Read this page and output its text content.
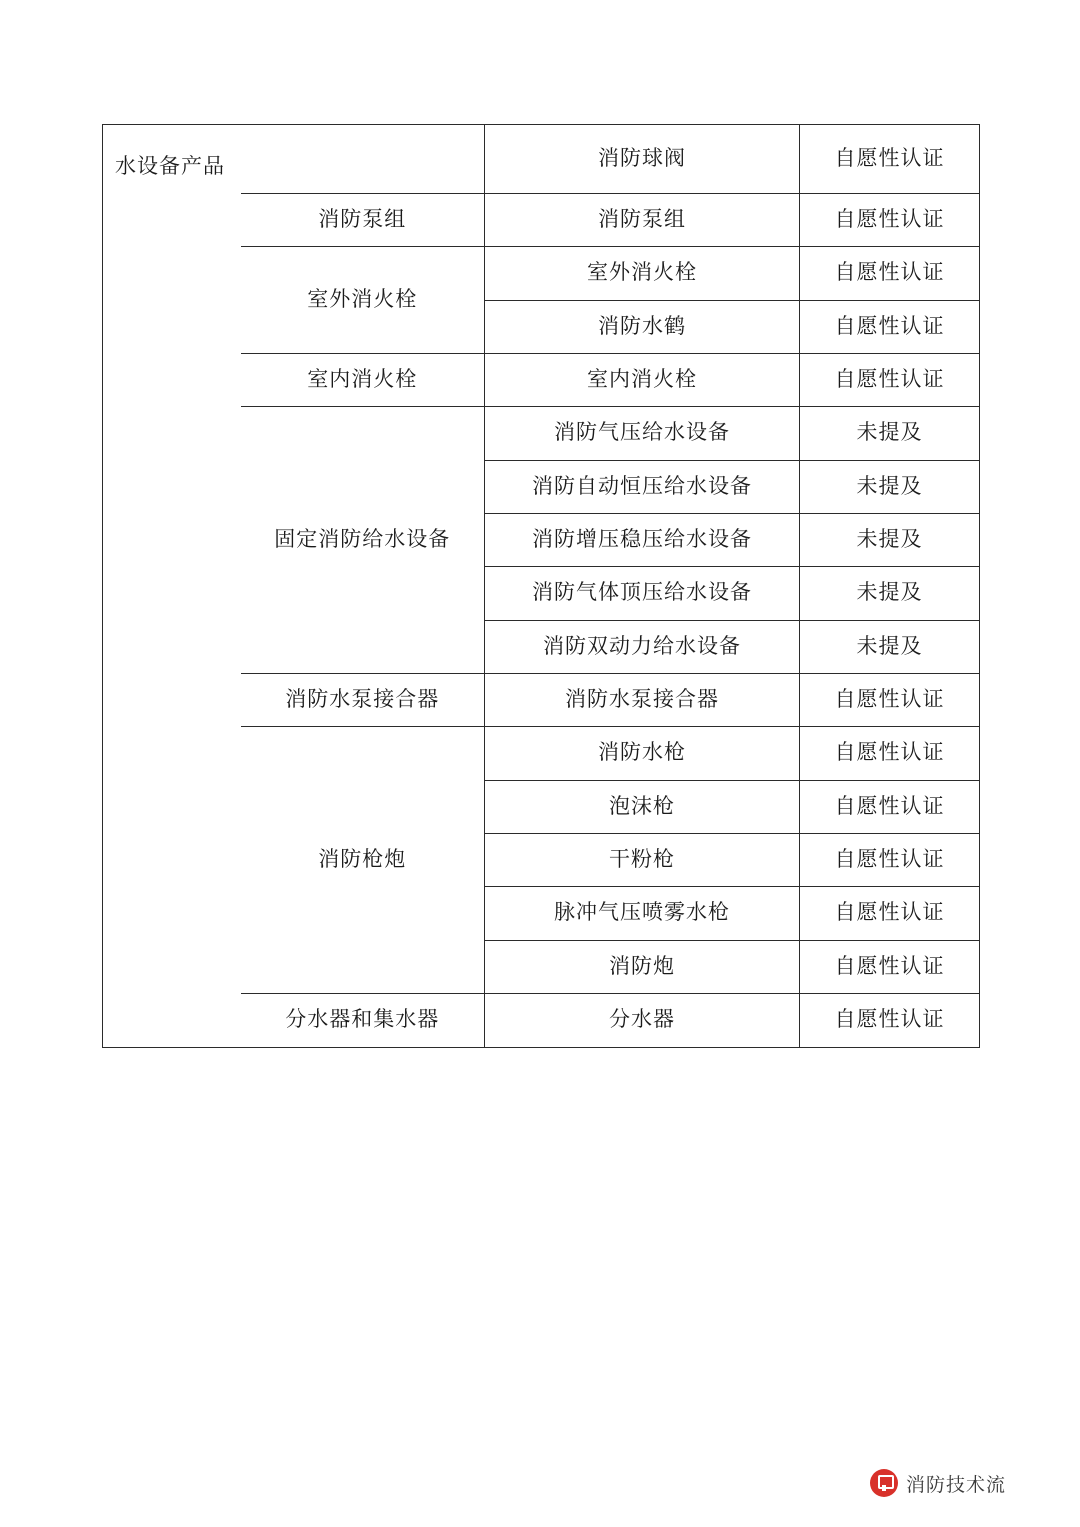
水设备产品		消防球阀	自愿性认证
	消防泵组	消防泵组	自愿性认证
	室外消火栓	室外消火栓	自愿性认证
		消防水鹤	自愿性认证
	室内消火栓	室内消火栓	自愿性认证
	固定消防给水设备	消防气压给水设备	未提及
		消防自动恒压给水设备	未提及
		消防增压稳压给水设备	未提及
		消防气体顶压给水设备	未提及
		消防双动力给水设备	未提及
	消防水泵接合器	消防水泵接合器	自愿性认证
	消防枪炮	消防水枪	自愿性认证
		泡沫枪	自愿性认证
		干粉枪	自愿性认证
		脉冲气压喷雾水枪	自愿性认证
		消防炮	自愿性认证
	分水器和集水器	分水器	自愿性认证
消防技术流
